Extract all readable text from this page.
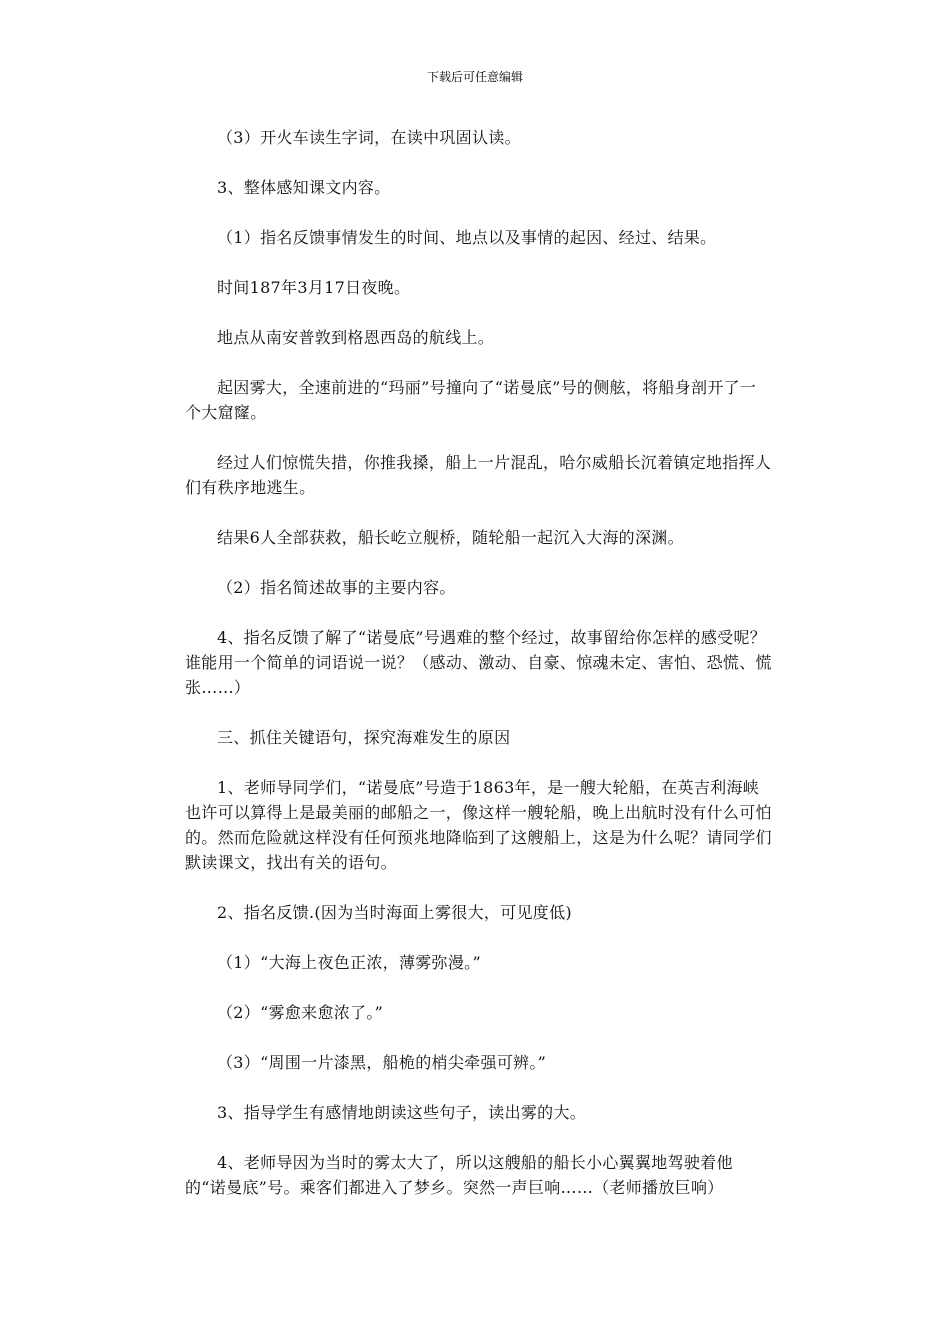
下载后可任意编辑

（3）开火车读生字词，在读中巩固认读。

3、整体感知课文内容。

（1）指名反馈事情发生的时间、地点以及事情的起因、经过、结果。

时间187年3月17日夜晚。

地点从南安普敦到格恩西岛的航线上。

起因雾大，全速前进的“玛丽”号撞向了“诺曼底”号的侧舷，将船身剖开了一个大窟窿。

经过人们惊慌失措，你推我搡，船上一片混乱，哈尔威船长沉着镇定地指挥人们有秩序地逃生。

结果6人全部获救，船长屹立舰桥，随轮船一起沉入大海的深渊。

（2）指名简述故事的主要内容。

4、指名反馈了解了“诺曼底”号遇难的整个经过，故事留给你怎样的感受呢？谁能用一个简单的词语说一说？（感动、激动、自豪、惊魂未定、害怕、恐慌、慌张……）

三、抓住关键语句，探究海难发生的原因

1、老师导同学们，“诺曼底”号造于1863年，是一艘大轮船，在英吉利海峡也许可以算得上是最美丽的邮船之一，像这样一艘轮船，晚上出航时没有什么可怕的。然而危险就这样没有任何预兆地降临到了这艘船上，这是为什么呢？请同学们默读课文，找出有关的语句。

2、指名反馈.(因为当时海面上雾很大，可见度低)

（1）“大海上夜色正浓，薄雾弥漫。”

（2）“雾愈来愈浓了。”

（3）“周围一片漆黑，船桅的梢尖牵强可辨。”

3、指导学生有感情地朗读这些句子，读出雾的大。

4、老师导因为当时的雾太大了，所以这艘船的船长小心翼翼地驾驶着他的“诺曼底”号。乘客们都进入了梦乡。突然一声巨响……（老师播放巨响）
